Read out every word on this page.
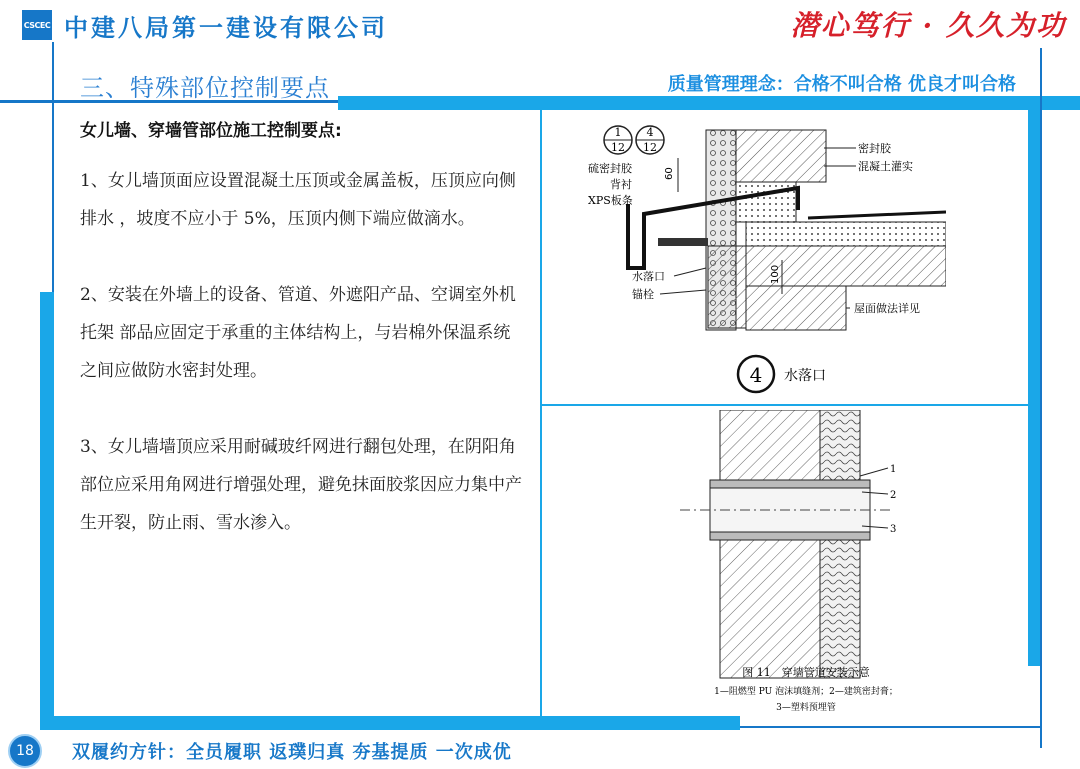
CSCEC 中建八局第一建设有限公司	潜心笃行 · 久久为功
三、特殊部位控制要点	质量管理理念：合格不叫合格 优良才叫合格
女儿墙、穿墙管部位施工控制要点:
1、女儿墙顶面应设置混凝土压顶或金属盖板，压顶应向侧排水 ，坡度不应小于 5%，压顶内侧下端应做滴水。
2、安装在外墙上的设备、管道、外遮阳产品、空调室外机托架 部品应固定于承重的主体结构上，与岩棉外保温系统之间应做防水密封处理。
3、女儿墙墙顶应采用耐碱玻纤网进行翻包处理，在阴阳角部位应采用角网进行增强处理，避免抹面胶浆因应力集中产生开裂，防止雨、雪水渗入。
1
12
4
12
60
100
硫密封胶
背衬
XPS板条
水落口
锚栓
密封胶
混凝土灌实
屋面做法详见
4 水落口
1
2
3
图 11　穿墙管道安装示意
1—阻燃型 PU 泡沫填缝剂；2—建筑密封膏；
3—塑料预埋管
18	双履约方针：全员履职 返璞归真 夯基提质 一次成优
